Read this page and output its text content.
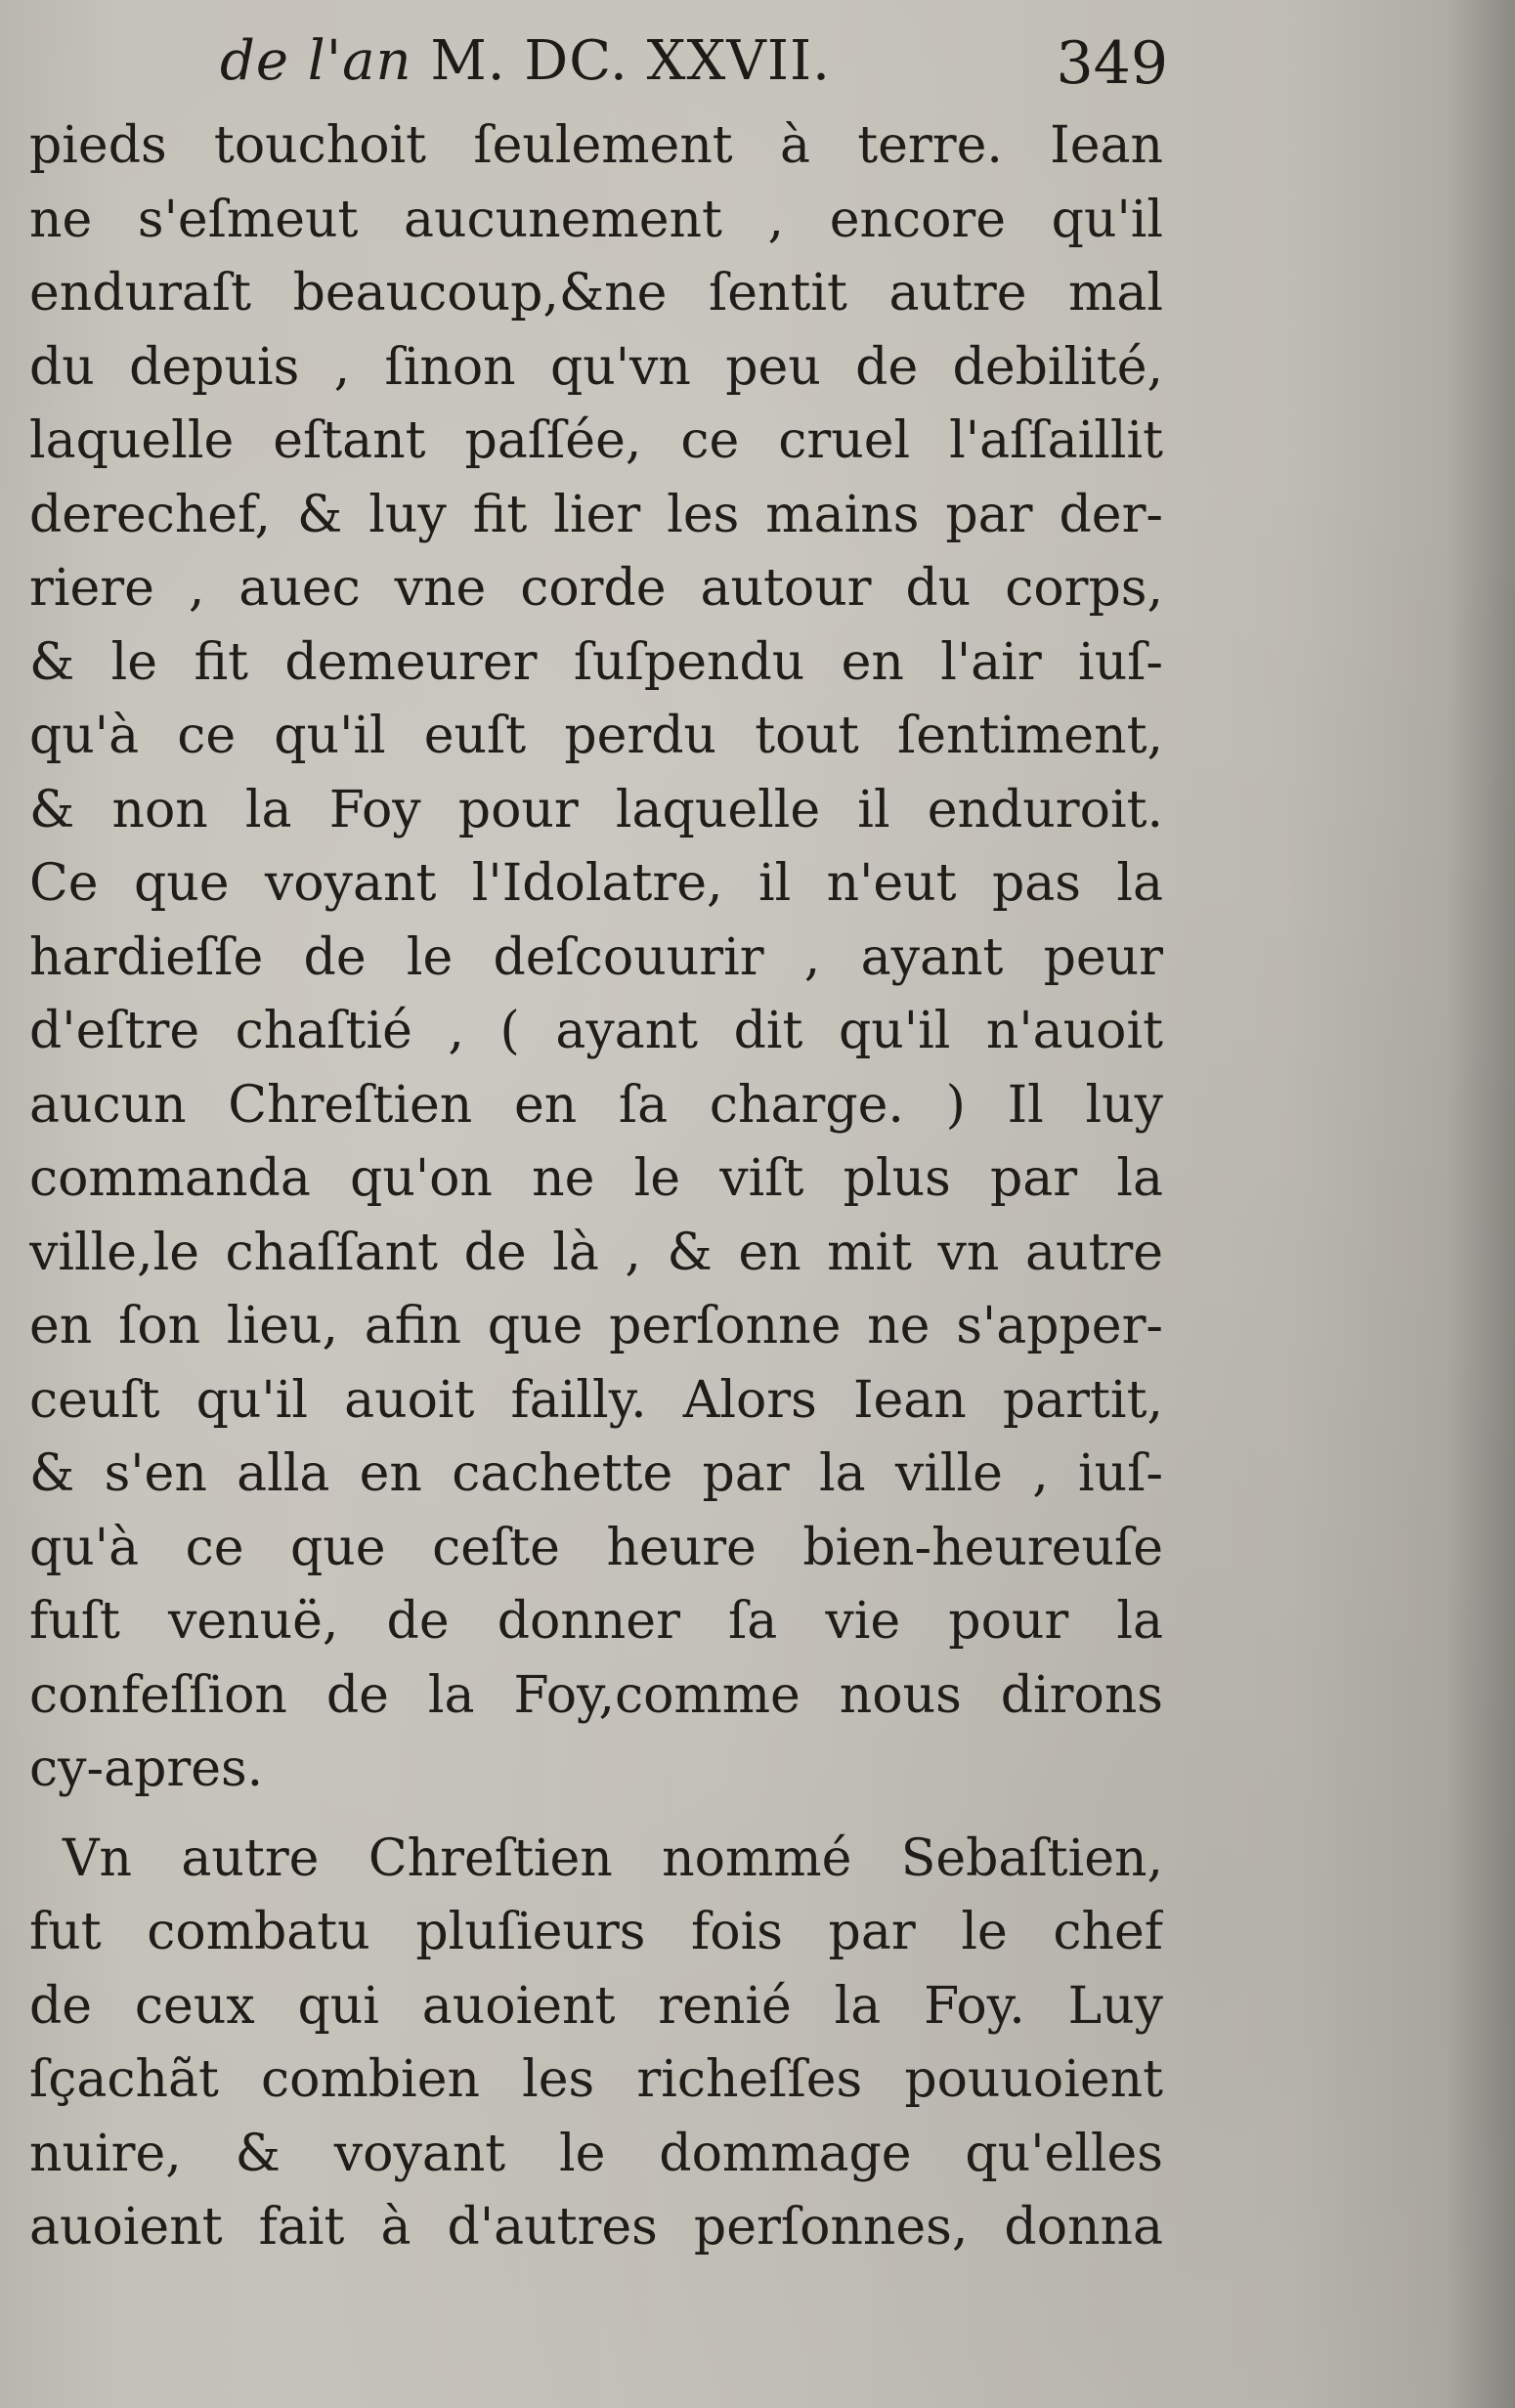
de l'an M. DC. XXVII.	349
pieds touchoit ſeulement à terre. Iean
ne s'eſmeut aucunement , encore qu'il
enduraſt beaucoup,&ne ſentit autre mal
du depuis , ſinon qu'vn peu de debilité,
laquelle eſtant paſſée, ce cruel l'aſſaillit
derechef, & luy fit lier les mains par der-
riere , auec vne corde autour du corps,
& le fit demeurer ſuſpendu en l'air iuſ-
qu'à ce qu'il euſt perdu tout ſentiment,
& non la Foy pour laquelle il enduroit.
Ce que voyant l'Idolatre, il n'eut pas la
hardieſſe de le deſcouurir , ayant peur
d'eſtre chaſtié , ( ayant dit qu'il n'auoit
aucun Chreſtien en ſa charge. ) Il luy
commanda qu'on ne le viſt plus par la
ville,le chaſſant de là , & en mit vn autre
en ſon lieu, afin que perſonne ne s'apper-
ceuſt qu'il auoit failly. Alors Iean partit,
& s'en alla en cachette par la ville , iuſ-
qu'à ce que ceſte heure bien-heureuſe
fuſt venuë, de donner ſa vie pour la
confeſſion de la Foy,comme nous dirons
cy-apres.
Vn autre Chreſtien nommé Sebaſtien,
fut combatu pluſieurs fois par le chef
de ceux qui auoient renié la Foy. Luy
ſçachãt combien les richeſſes pouuoient
nuire, & voyant le dommage qu'elles
auoient fait à d'autres perſonnes, donna
